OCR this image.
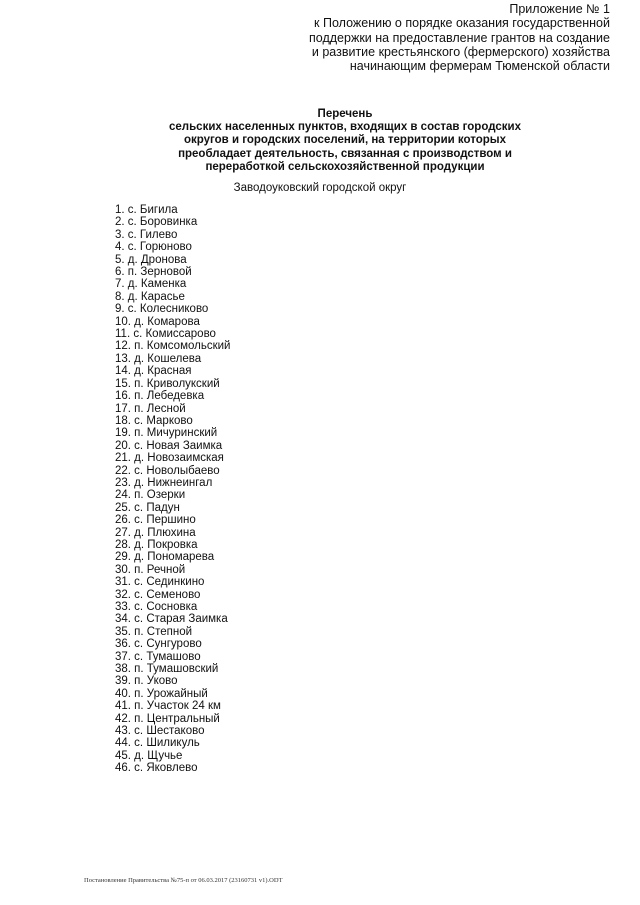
Приложение № 1
к Положению о порядке оказания государственной
поддержки на предоставление грантов на создание
и развитие крестьянского (фермерского) хозяйства
начинающим фермерам Тюменской области
Перечень
сельских населенных пунктов, входящих в состав городских
округов и городских поселений, на территории которых
преобладает деятельность, связанная с производством и
переработкой сельскохозяйственной продукции
Заводоуковский городской округ
1. с. Бигила
2. с. Боровинка
3. с. Гилево
4. с. Горюново
5. д. Дронова
6. п. Зерновой
7. д. Каменка
8. д. Карасье
9. с. Колесниково
10. д. Комарова
11. с. Комиссарово
12. п. Комсомольский
13. д. Кошелева
14. д. Красная
15. п. Криволукский
16. п. Лебедевка
17. п. Лесной
18. с. Марково
19. п. Мичуринский
20. с. Новая Заимка
21. д. Новозаимская
22. с. Новолыбаево
23. д. Нижнеингал
24. п. Озерки
25. с. Падун
26. с. Першино
27. д. Плюхина
28. д. Покровка
29. д. Пономарева
30. п. Речной
31. с. Сединкино
32. с. Семеново
33. с. Сосновка
34. с. Старая Заимка
35. п. Степной
36. с. Сунгурово
37. с. Тумашово
38. п. Тумашовский
39. п. Уково
40. п. Урожайный
41. п. Участок 24 км
42. п. Центральный
43. с. Шестаково
44. с. Шиликуль
45. д. Щучье
46. с. Яковлево
Постановление Правительства №75-п от 06.03.2017 (23160731 v1).ODT
